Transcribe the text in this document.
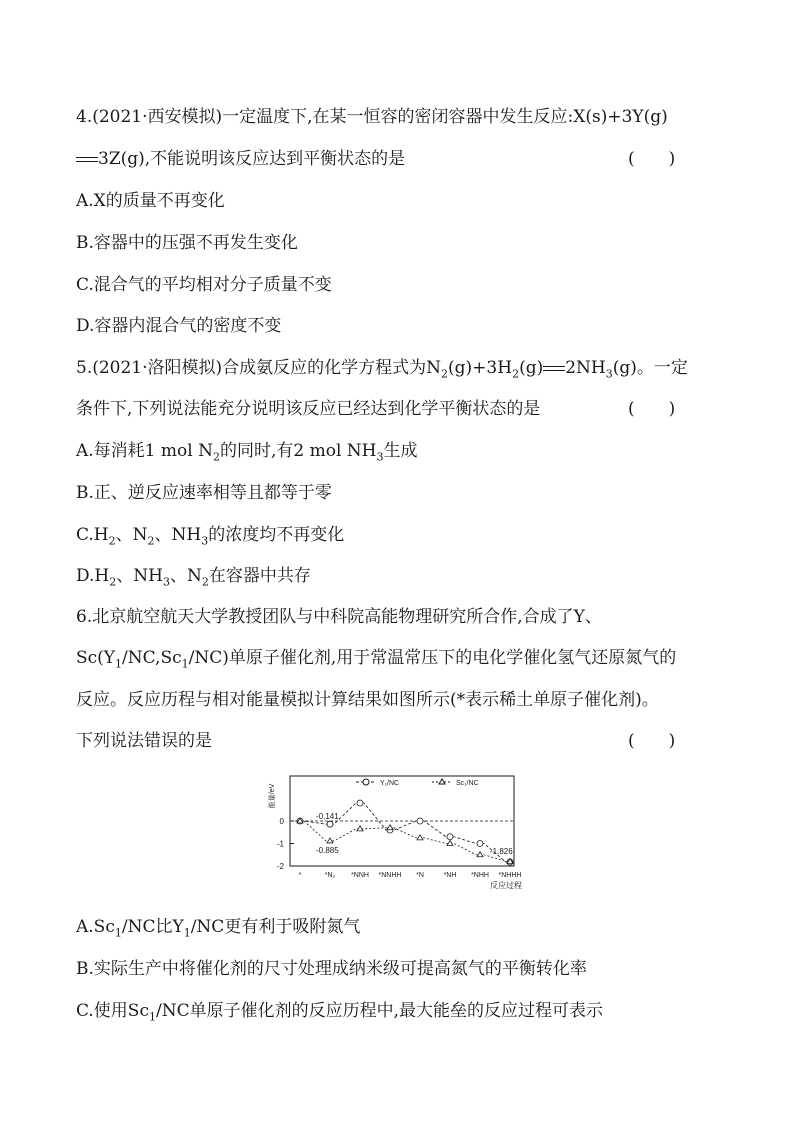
4.(2021·西安模拟)一定温度下,在某一恒容的密闭容器中发生反应:X(s)+3Y(g)
3Z(g),不能说明该反应达到平衡状态的是	(　　)
A.X的质量不再变化
B.容器中的压强不再发生变化
C.混合气的平均相对分子质量不变
D.容器内混合气的密度不变
5.(2021·洛阳模拟)合成氨反应的化学方程式为$N_2(g)+3H_2(g)$ $2NH_3(g)$。一定
条件下,下列说法能充分说明该反应已经达到化学平衡状态的是	(　　)
A.每消耗1 mol $N_2$的同时,有2 mol $NH_3$生成
B.正、逆反应速率相等且都等于零
$C.H_2$、$N_2$、$NH_3$的浓度均不再变化
$D.H_2$、$NH_3$、$N_2$在容器中共存
6.北京航空航天大学教授团队与中科院高能物理研究所合作,合成了Y、
$Sc(Y_1/NC,Sc_1/NC)$单原子催化剂,用于常温常压下的电化学催化氢气还原氮气的
反应。反应历程与相对能量模拟计算结果如图所示(*表示稀土单原子催化剂)。
下列说法错误的是	(　　)
0
-1
-2
能量/eV
*	*N₂ *NNH *NNHH *N	*NH *NHH *NHHH
反应过程
Y₁/NC	Sc₁/NC
-0.141
-0.885	-1.826
$A.Sc_1/NC$比$Y_1/NC$更有利于吸附氮气
B.实际生产中将催化剂的尺寸处理成纳米级可提高氮气的平衡转化率
C.使用$Sc_1/NC$单原子催化剂的反应历程中,最大能垒的反应过程可表示
